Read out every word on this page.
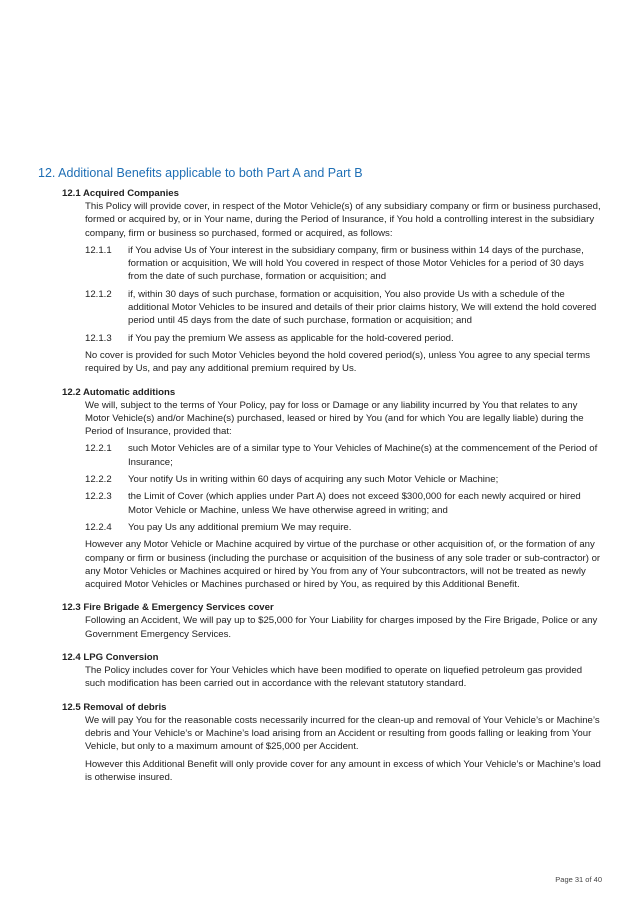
12. Additional Benefits applicable to both Part A and Part B
12.1 Acquired Companies
This Policy will provide cover, in respect of the Motor Vehicle(s) of any subsidiary company or firm or business purchased, formed or acquired by, or in Your name, during the Period of Insurance, if You hold a controlling interest in the subsidiary company, firm or business so purchased, formed or acquired, as follows:
12.1.1	if You advise Us of Your interest in the subsidiary company, firm or business within 14 days of the purchase, formation or acquisition, We will hold You covered in respect of those Motor Vehicles for a period of 30 days from the date of such purchase, formation or acquisition; and
12.1.2	if, within 30 days of such purchase, formation or acquisition, You also provide Us with a schedule of the additional Motor Vehicles to be insured and details of their prior claims history, We will extend the hold covered period until 45 days from the date of such purchase, formation or acquisition; and
12.1.3	if You pay the premium We assess as applicable for the hold-covered period.
No cover is provided for such Motor Vehicles beyond the hold covered period(s), unless You agree to any special terms required by Us, and pay any additional premium required by Us.
12.2 Automatic additions
We will, subject to the terms of Your Policy, pay for loss or Damage or any liability incurred by You that relates to any Motor Vehicle(s) and/or Machine(s) purchased, leased or hired by You (and for which You are legally liable) during the Period of Insurance, provided that:
12.2.1	such Motor Vehicles are of a similar type to Your Vehicles of Machine(s) at the commencement of the Period of Insurance;
12.2.2	Your notify Us in writing within 60 days of acquiring any such Motor Vehicle or Machine;
12.2.3	the Limit of Cover (which applies under Part A) does not exceed $300,000 for each newly acquired or hired Motor Vehicle or Machine, unless We have otherwise agreed in writing; and
12.2.4	You pay Us any additional premium We may require.
However any Motor Vehicle or Machine acquired by virtue of the purchase or other acquisition of, or the formation of any company or firm or business (including the purchase or acquisition of the business of any sole trader or sub-contractor) or any Motor Vehicles or Machines acquired or hired by You from any of Your subcontractors, will not be treated as newly acquired Motor Vehicles or Machines purchased or hired by You, as required by this Additional Benefit.
12.3 Fire Brigade & Emergency Services cover
Following an Accident, We will pay up to $25,000 for Your Liability for charges imposed by the Fire Brigade, Police or any Government Emergency Services.
12.4 LPG Conversion
The Policy includes cover for Your Vehicles which have been modified to operate on liquefied petroleum gas provided such modification has been carried out in accordance with the relevant statutory standard.
12.5 Removal of debris
We will pay You for the reasonable costs necessarily incurred for the clean-up and removal of Your Vehicle’s or Machine’s debris and Your Vehicle’s or Machine’s load arising from an Accident or resulting from goods falling or leaking from Your Vehicle, but only to a maximum amount of $25,000 per Accident.
However this Additional Benefit will only provide cover for any amount in excess of which Your Vehicle’s or Machine’s load is otherwise insured.
Page 31 of 40
